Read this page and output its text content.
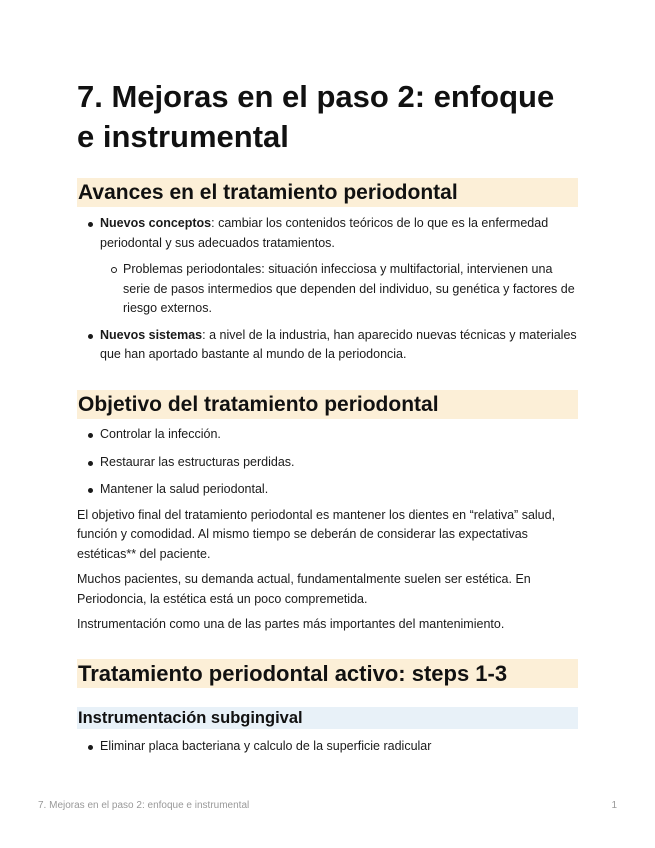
7. Mejoras en el paso 2: enfoque e instrumental
Avances en el tratamiento periodontal
Nuevos conceptos: cambiar los contenidos teóricos de lo que es la enfermedad periodontal y sus adecuados tratamientos.
Problemas periodontales: situación infecciosa y multifactorial, intervienen una serie de pasos intermedios que dependen del individuo, su genética y factores de riesgo externos.
Nuevos sistemas: a nivel de la industria, han aparecido nuevas técnicas y materiales que han aportado bastante al mundo de la periodoncia.
Objetivo del tratamiento periodontal
Controlar la infección.
Restaurar las estructuras perdidas.
Mantener la salud periodontal.

El objetivo final del tratamiento periodontal es mantener los dientes en “relativa” salud, función y comodidad. Al mismo tiempo se deberán de considerar las expectativas estéticas** del paciente.

Muchos pacientes, su demanda actual, fundamentalmente suelen ser estética. En Periodoncia, la estética está un poco compremetida.

Instrumentación como una de las partes más importantes del mantenimiento.

Tratamiento periodontal activo: steps 1-3
Instrumentación subgingival
Eliminar placa bacteriana y calculo de la superficie radicular
7. Mejoras en el paso 2: enfoque e instrumental	1
